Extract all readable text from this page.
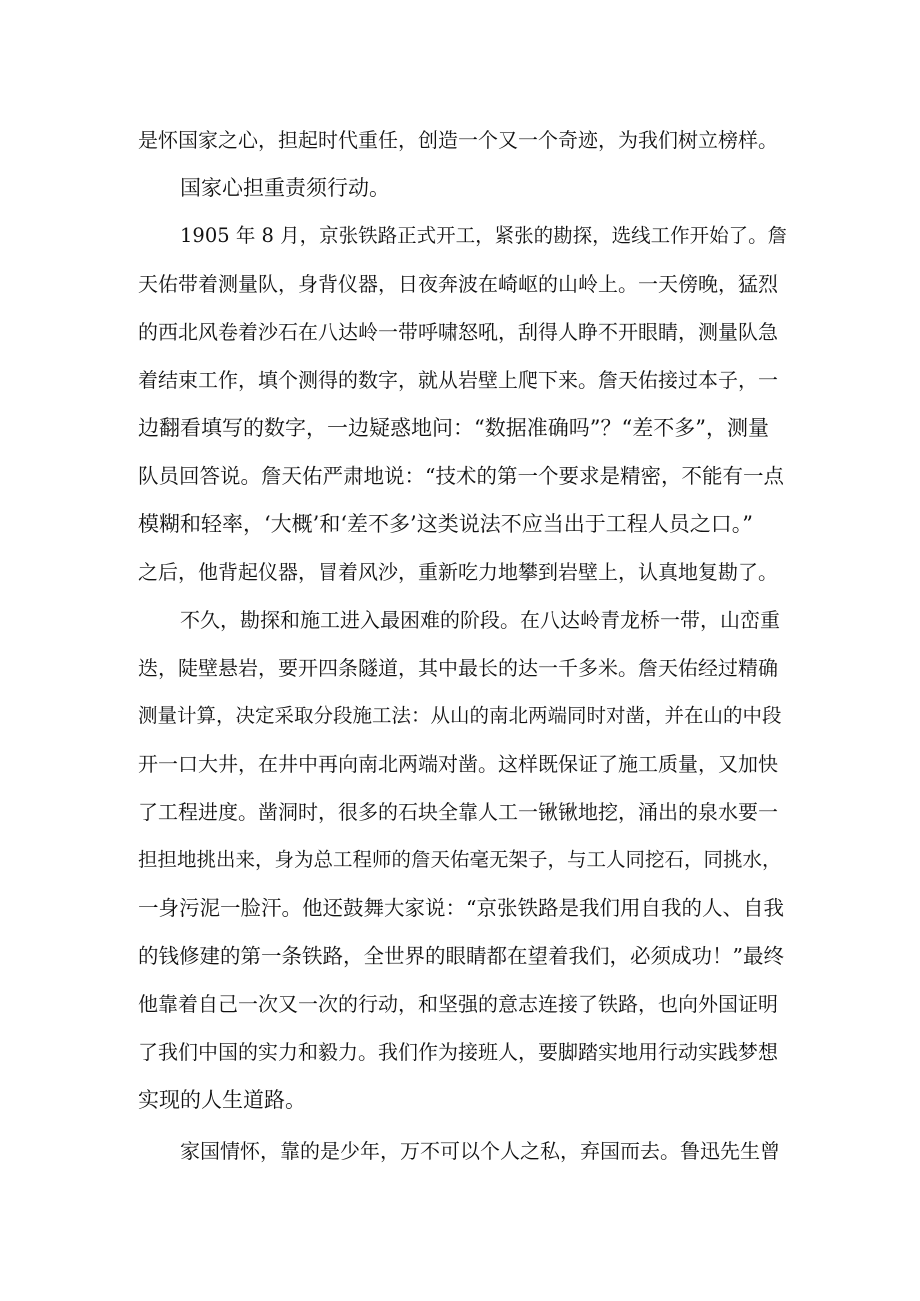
是怀国家之心，担起时代重任，创造一个又一个奇迹，为我们树立榜样。
国家心担重责须行动。
1905 年 8 月，京张铁路正式开工，紧张的勘探，选线工作开始了。詹
天佑带着测量队，身背仪器，日夜奔波在崎岖的山岭上。一天傍晚，猛烈
的西北风卷着沙石在八达岭一带呼啸怒吼，刮得人睁不开眼睛，测量队急
着结束工作，填个测得的数字，就从岩壁上爬下来。詹天佑接过本子，一
边翻看填写的数字，一边疑惑地问：“数据准确吗”？“差不多”，测量
队员回答说。詹天佑严肃地说：“技术的第一个要求是精密，不能有一点
模糊和轻率，‘大概’和‘差不多’这类说法不应当出于工程人员之口。”
之后，他背起仪器，冒着风沙，重新吃力地攀到岩壁上，认真地复勘了。
不久，勘探和施工进入最困难的阶段。在八达岭青龙桥一带，山峦重
迭，陡壁悬岩，要开四条隧道，其中最长的达一千多米。詹天佑经过精确
测量计算，决定采取分段施工法：从山的南北两端同时对凿，并在山的中段
开一口大井，在井中再向南北两端对凿。这样既保证了施工质量，又加快
了工程进度。凿洞时，很多的石块全靠人工一锹锹地挖，涌出的泉水要一
担担地挑出来，身为总工程师的詹天佑毫无架子，与工人同挖石，同挑水，
一身污泥一脸汗。他还鼓舞大家说：“京张铁路是我们用自我的人、自我
的钱修建的第一条铁路，全世界的眼睛都在望着我们，必须成功！”最终
他靠着自己一次又一次的行动，和坚强的意志连接了铁路，也向外国证明
了我们中国的实力和毅力。我们作为接班人，要脚踏实地用行动实践梦想
实现的人生道路。
家国情怀，靠的是少年，万不可以个人之私，弃国而去。鲁迅先生曾
